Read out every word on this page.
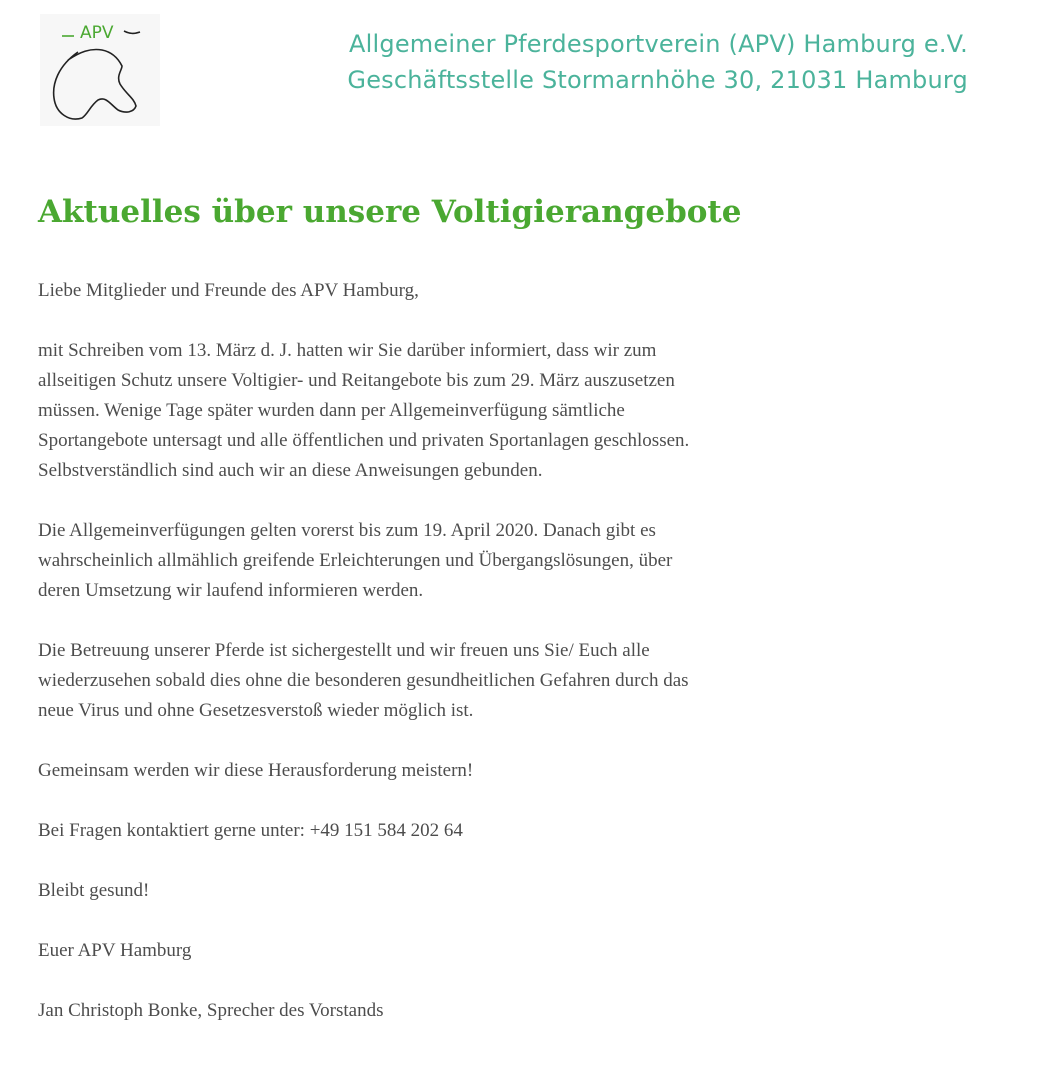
APV	Allgemeiner Pferdesportverein (APV) Hamburg e.V.
Geschäftsstelle Stormarnhöhe 30, 21031 Hamburg
Aktuelles über unsere Voltigierangebote

Liebe Mitglieder und Freunde des APV Hamburg,

mit Schreiben vom 13. März d. J. hatten wir Sie darüber informiert, dass wir zum
allseitigen Schutz unsere Voltigier- und Reitangebote bis zum 29. März auszusetzen
müssen. Wenige Tage später wurden dann per Allgemeinverfügung sämtliche
Sportangebote untersagt und alle öffentlichen und privaten Sportanlagen geschlossen.
Selbstverständlich sind auch wir an diese Anweisungen gebunden.

Die Allgemeinverfügungen gelten vorerst bis zum 19. April 2020. Danach gibt es
wahrscheinlich allmählich greifende Erleichterungen und Übergangslösungen, über
deren Umsetzung wir laufend informieren werden.

Die Betreuung unserer Pferde ist sichergestellt und wir freuen uns Sie/ Euch alle
wiederzusehen sobald dies ohne die besonderen gesundheitlichen Gefahren durch das
neue Virus und ohne Gesetzesverstoß wieder möglich ist.

Gemeinsam werden wir diese Herausforderung meistern!

Bei Fragen kontaktiert gerne unter: +49 151 584 202 64

Bleibt gesund!

Euer APV Hamburg

Jan Christoph Bonke, Sprecher des Vorstands
